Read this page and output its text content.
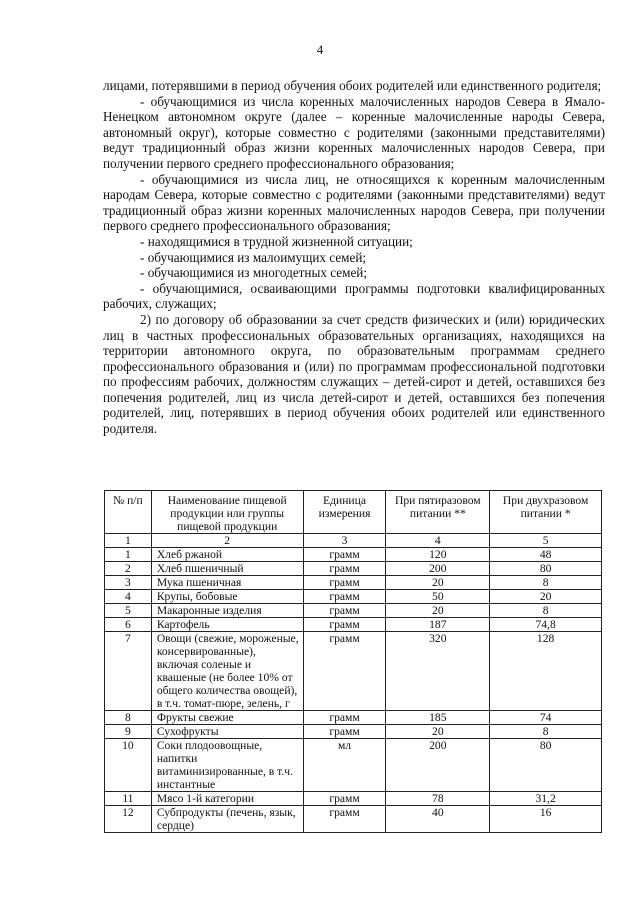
4

лицами, потерявшими в период обучения обоих родителей или единственного родителя;

- обучающимися из числа коренных малочисленных народов Севера в Ямало-Ненецком автономном округе (далее – коренные малочисленные народы Севера, автономный округ), которые совместно с родителями (законными представителями) ведут традиционный образ жизни коренных малочисленных народов Севера, при получении первого среднего профессионального образования;

- обучающимися из числа лиц, не относящихся к коренным малочисленным народам Севера, которые совместно с родителями (законными представителями) ведут традиционный образ жизни коренных малочисленных народов Севера, при получении первого среднего профессионального образования;

- находящимися в трудной жизненной ситуации;

- обучающимися из малоимущих семей;

- обучающимися из многодетных семей;

- обучающимися, осваивающими программы подготовки квалифицированных рабочих, служащих;

2) по договору об образовании за счет средств физических и (или) юридических лиц в частных профессиональных образовательных организациях, находящихся на территории автономного округа, по образовательным программам среднего профессионального образования и (или) по программам профессиональной подготовки по профессиям рабочих, должностям служащих – детей-сирот и детей, оставшихся без попечения родителей, лиц из числа детей-сирот и детей, оставшихся без попечения родителей, лиц, потерявших в период обучения обоих родителей или единственного родителя.

№ п/п	Наименование пищевой продукции или группы пищевой продукции	Единица измерения	При пятиразовом питании **	При двухразовом питании *
1	2	3	4	5
1	Хлеб ржаной	грамм	120	48
2	Хлеб пшеничный	грамм	200	80
3	Мука пшеничная	грамм	20	8
4	Крупы, бобовые	грамм	50	20
5	Макаронные изделия	грамм	20	8
6	Картофель	грамм	187	74,8
7	Овощи (свежие, мороженые, консервированные), включая соленые и квашеные (не более 10% от общего количества овощей), в т.ч. томат-пюре, зелень, г	грамм	320	128
8	Фрукты свежие	грамм	185	74
9	Сухофрукты	грамм	20	8
10	Соки плодоовощные, напитки витаминизированные, в т.ч. инстантные	мл	200	80
11	Мясо 1-й категории	грамм	78	31,2
12	Субпродукты (печень, язык, сердце)	грамм	40	16
